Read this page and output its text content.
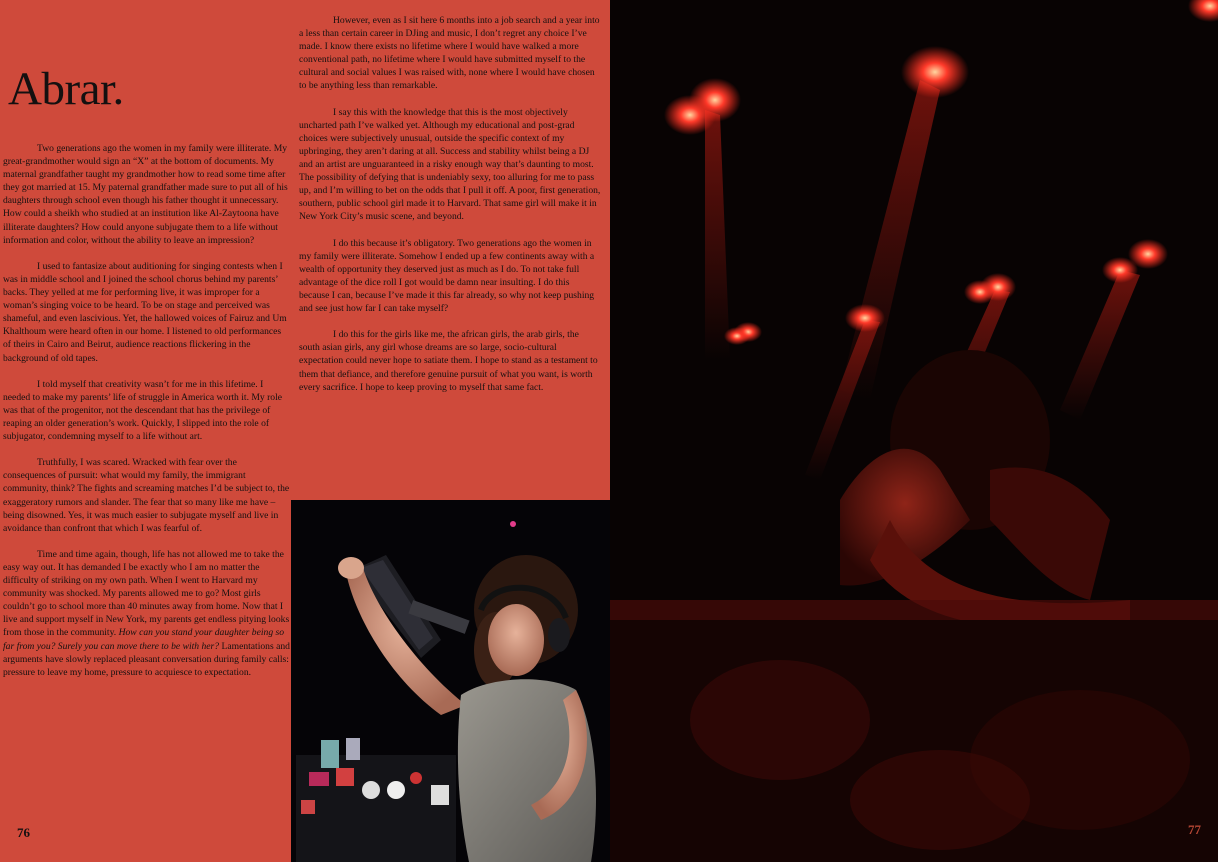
Abrar.

Two generations ago the women in my family were illiterate. My great-grandmother would sign an “X” at the bottom of documents. My maternal grandfather taught my grandmother how to read some time after they got married at 15. My paternal grandfather made sure to put all of his daughters through school even though his father thought it unnecessary. How could a sheikh who studied at an institution like Al-Zaytoona have illiterate daughters? How could anyone subjugate them to a life without information and color, without the ability to leave an impression?

I used to fantasize about auditioning for singing contests when I was in middle school and I joined the school chorus behind my parents’ backs. They yelled at me for performing live, it was improper for a woman’s singing voice to be heard. To be on stage and perceived was shameful, and even lascivious. Yet, the hallowed voices of Fairuz and Um Khalthoum were heard often in our home. I listened to old performances of theirs in Cairo and Beirut, audience reactions flickering in the background of old tapes.

I told myself that creativity wasn’t for me in this lifetime. I needed to make my parents’ life of struggle in America worth it. My role was that of the progenitor, not the descendant that has the privilege of reaping an older generation’s work. Quickly, I slipped into the role of subjugator, condemning myself to a life without art.

Truthfully, I was scared. Wracked with fear over the consequences of pursuit: what would my family, the immigrant community, think? The fights and screaming matches I’d be subject to, the exaggeratory rumors and slander. The fear that so many like me have – being disowned. Yes, it was much easier to subjugate myself and live in avoidance than confront that which I was fearful of.

Time and time again, though, life has not allowed me to take the easy way out. It has demanded I be exactly who I am no matter the difficulty of striking on my own path. When I went to Harvard my community was shocked. My parents allowed me to go? Most girls couldn’t go to school more than 40 minutes away from home. Now that I live and support myself in New York, my parents get endless pitying looks from those in the community. How can you stand your daughter being so far from you? Surely you can move there to be with her? Lamentations and arguments have slowly replaced pleasant conversation during family calls: pressure to leave my home, pressure to acquiesce to expectation.

However, even as I sit here 6 months into a job search and a year into a less than certain career in DJing and music, I don’t regret any choice I’ve made. I know there exists no lifetime where I would have walked a more conventional path, no lifetime where I would have submitted myself to the cultural and social values I was raised with, none where I would have chosen to be anything less than remarkable.

I say this with the knowledge that this is the most objectively uncharted path I’ve walked yet. Although my educational and post-grad choices were subjectively unusual, outside the specific context of my upbringing, they aren’t daring at all. Success and stability whilst being a DJ and an artist are unguaranteed in a risky enough way that’s daunting to most. The possibility of defying that is undeniably sexy, too alluring for me to pass up, and I’m willing to bet on the odds that I pull it off. A poor, first generation, southern, public school girl made it to Harvard. That same girl will make it in New York City’s music scene, and beyond.

I do this because it’s obligatory. Two generations ago the women in my family were illiterate. Somehow I ended up a few continents away with a wealth of opportunity they deserved just as much as I do. To not take full advantage of the dice roll I got would be damn near insulting. I do this because I can, because I’ve made it this far already, so why not keep pushing and see just how far I can take myself?

I do this for the girls like me, the african girls, the arab girls, the south asian girls, any girl whose dreams are so large, socio-cultural expectation could never hope to satiate them. I hope to stand as a testament to them that defiance, and therefore genuine pursuit of what you want, is worth every sacrifice. I hope to keep proving to myself that same fact.

76	77
